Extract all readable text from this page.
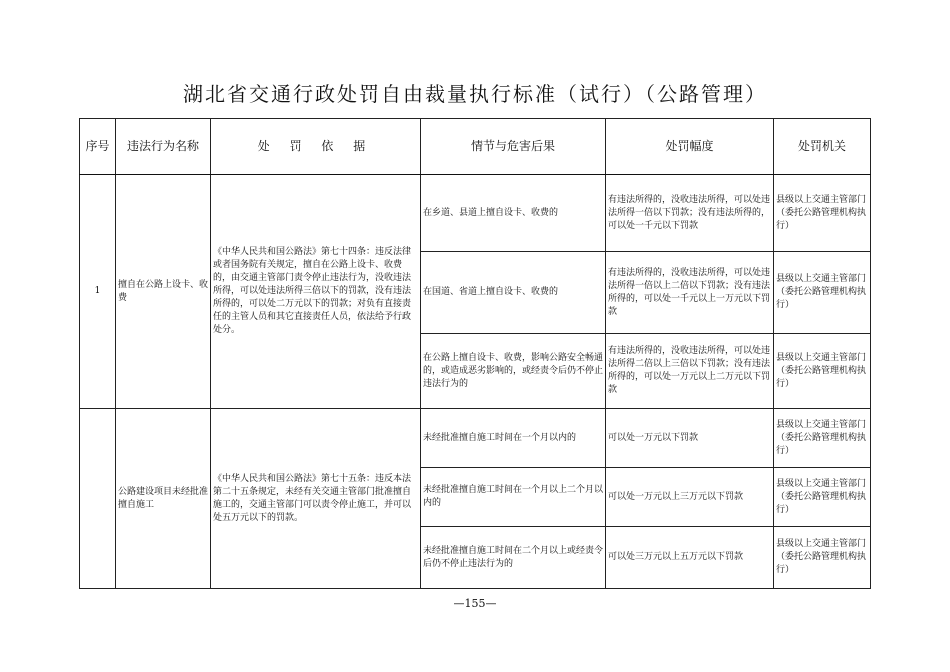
湖北省交通行政处罚自由裁量执行标准（试行）（公路管理）
序号	违法行为名称	处 罚 依 据	情节与危害后果	处罚幅度	处罚机关
1	擅自在公路上设卡、收费	《中华人民共和国公路法》第七十四条：违反法律或者国务院有关规定，擅自在公路上设卡、收费的，由交通主管部门责令停止违法行为，没收违法所得，可以处违法所得三倍以下的罚款，没有违法所得的，可以处二万元以下的罚款；对负有直接责任的主管人员和其它直接责任人员，依法给予行政处分。	在乡道、县道上擅自设卡、收费的	有违法所得的，没收违法所得，可以处违法所得一倍以下罚款；没有违法所得的，可以处一千元以下罚款	县级以上交通主管部门（委托公路管理机构执行）
			在国道、省道上擅自设卡、收费的	有违法所得的，没收违法所得，可以处违法所得一倍以上二倍以下罚款；没有违法所得的，可以处一千元以上一万元以下罚款	县级以上交通主管部门（委托公路管理机构执行）
			在公路上擅自设卡、收费，影响公路安全畅通的，或造成恶劣影响的，或经责令后仍不停止违法行为的	有违法所得的，没收违法所得，可以处违法所得二倍以上三倍以下罚款；没有违法所得的，可以处一万元以上二万元以下罚款	县级以上交通主管部门（委托公路管理机构执行）
	公路建设项目未经批准擅自施工	《中华人民共和国公路法》第七十五条：违反本法第二十五条规定，未经有关交通主管部门批准擅自施工的，交通主管部门可以责令停止施工，并可以处五万元以下的罚款。	未经批准擅自施工时间在一个月以内的	可以处一万元以下罚款	县级以上交通主管部门（委托公路管理机构执行）
			未经批准擅自施工时间在一个月以上二个月以内的	可以处一万元以上三万元以下罚款	县级以上交通主管部门（委托公路管理机构执行）
			未经批准擅自施工时间在二个月以上或经责令后仍不停止违法行为的	可以处三万元以上五万元以下罚款	县级以上交通主管部门（委托公路管理机构执行）
—155—
